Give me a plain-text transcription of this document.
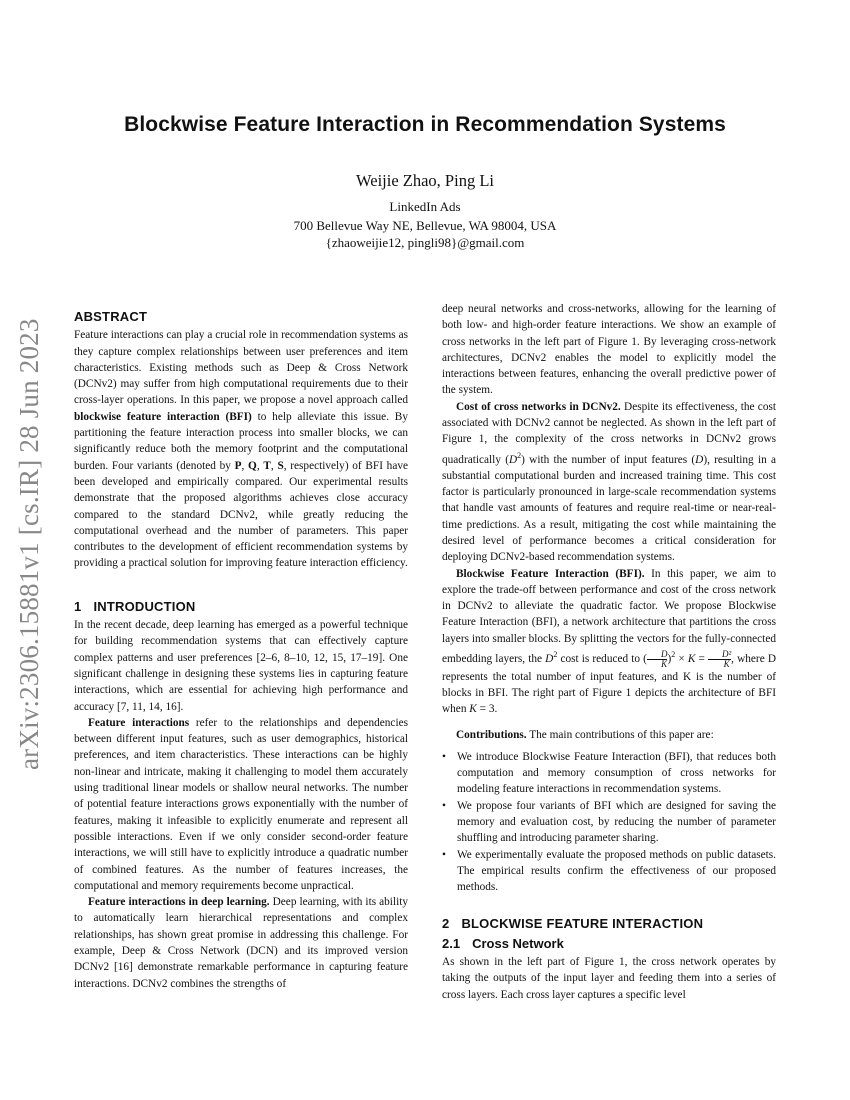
arXiv:2306.15881v1 [cs.IR] 28 Jun 2023
Blockwise Feature Interaction in Recommendation Systems
Weijie Zhao, Ping Li
LinkedIn Ads
700 Bellevue Way NE, Bellevue, WA 98004, USA
{zhaoweijie12, pingli98}@gmail.com
ABSTRACT

Feature interactions can play a crucial role in recommendation systems as they capture complex relationships between user preferences and item characteristics. Existing methods such as Deep & Cross Network (DCNv2) may suffer from high computational requirements due to their cross-layer operations. In this paper, we propose a novel approach called blockwise feature interaction (BFI) to help alleviate this issue. By partitioning the feature interaction process into smaller blocks, we can significantly reduce both the memory footprint and the computational burden. Four variants (denoted by P, Q, T, S, respectively) of BFI have been developed and empirically compared. Our experimental results demonstrate that the proposed algorithms achieves close accuracy compared to the standard DCNv2, while greatly reducing the computational overhead and the number of parameters. This paper contributes to the development of efficient recommendation systems by providing a practical solution for improving feature interaction efficiency.

1 INTRODUCTION

In the recent decade, deep learning has emerged as a powerful technique for building recommendation systems that can effectively capture complex patterns and user preferences [2–6, 8–10, 12, 15, 17–19]. One significant challenge in designing these systems lies in capturing feature interactions, which are essential for achieving high performance and accuracy [7, 11, 14, 16].

Feature interactions refer to the relationships and dependencies between different input features, such as user demographics, historical preferences, and item characteristics. These interactions can be highly non-linear and intricate, making it challenging to model them accurately using traditional linear models or shallow neural networks. The number of potential feature interactions grows exponentially with the number of features, making it infeasible to explicitly enumerate and represent all possible interactions. Even if we only consider second-order feature interactions, we will still have to explicitly introduce a quadratic number of combined features. As the number of features increases, the computational and memory requirements become unpractical.

Feature interactions in deep learning. Deep learning, with its ability to automatically learn hierarchical representations and complex relationships, has shown great promise in addressing this challenge. For example, Deep & Cross Network (DCN) and its improved version DCNv2 [16] demonstrate remarkable performance in capturing feature interactions. DCNv2 combines the strengths of

deep neural networks and cross-networks, allowing for the learning of both low- and high-order feature interactions. We show an example of cross networks in the left part of Figure 1. By leveraging cross-network architectures, DCNv2 enables the model to explicitly model the interactions between features, enhancing the overall predictive power of the system.

Cost of cross networks in DCNv2. Despite its effectiveness, the cost associated with DCNv2 cannot be neglected. As shown in the left part of Figure 1, the complexity of the cross networks in DCNv2 grows quadratically $(D^2)$ with the number of input features (D), resulting in a substantial computational burden and increased training time. This cost factor is particularly pronounced in large-scale recommendation systems that handle vast amounts of features and require real-time or near-real-time predictions. As a result, mitigating the cost while maintaining the desired level of performance becomes a critical consideration for deploying DCNv2-based recommendation systems.

Blockwise Feature Interaction (BFI). In this paper, we aim to explore the trade-off between performance and cost of the cross network in DCNv2 to alleviate the quadratic factor. We propose Blockwise Feature Interaction (BFI), a network architecture that partitions the cross layers into smaller blocks. By splitting the vectors for the fully-connected embedding layers, the $D^2$ cost is reduced to ( $\frac{D}{K} )^2 \times K = \frac{\text{D²}}{K}$ , where D represents the total number of input features, and K is the number of blocks in BFI. The right part of Figure 1 depicts the architecture of BFI when K = 3.

Contributions. The main contributions of this paper are:

• We introduce Blockwise Feature Interaction (BFI), that reduces both computation and memory consumption of cross networks for modeling feature interactions in recommendation systems.
• We propose four variants of BFI which are designed for saving the memory and evaluation cost, by reducing the number of parameter shuffling and introducing parameter sharing.
• We experimentally evaluate the proposed methods on public datasets. The empirical results confirm the effectiveness of our proposed methods.
2 BLOCKWISE FEATURE INTERACTION
2.1 Cross Network

As shown in the left part of Figure 1, the cross network operates by taking the outputs of the input layer and feeding them into a series of cross layers. Each cross layer captures a specific level
